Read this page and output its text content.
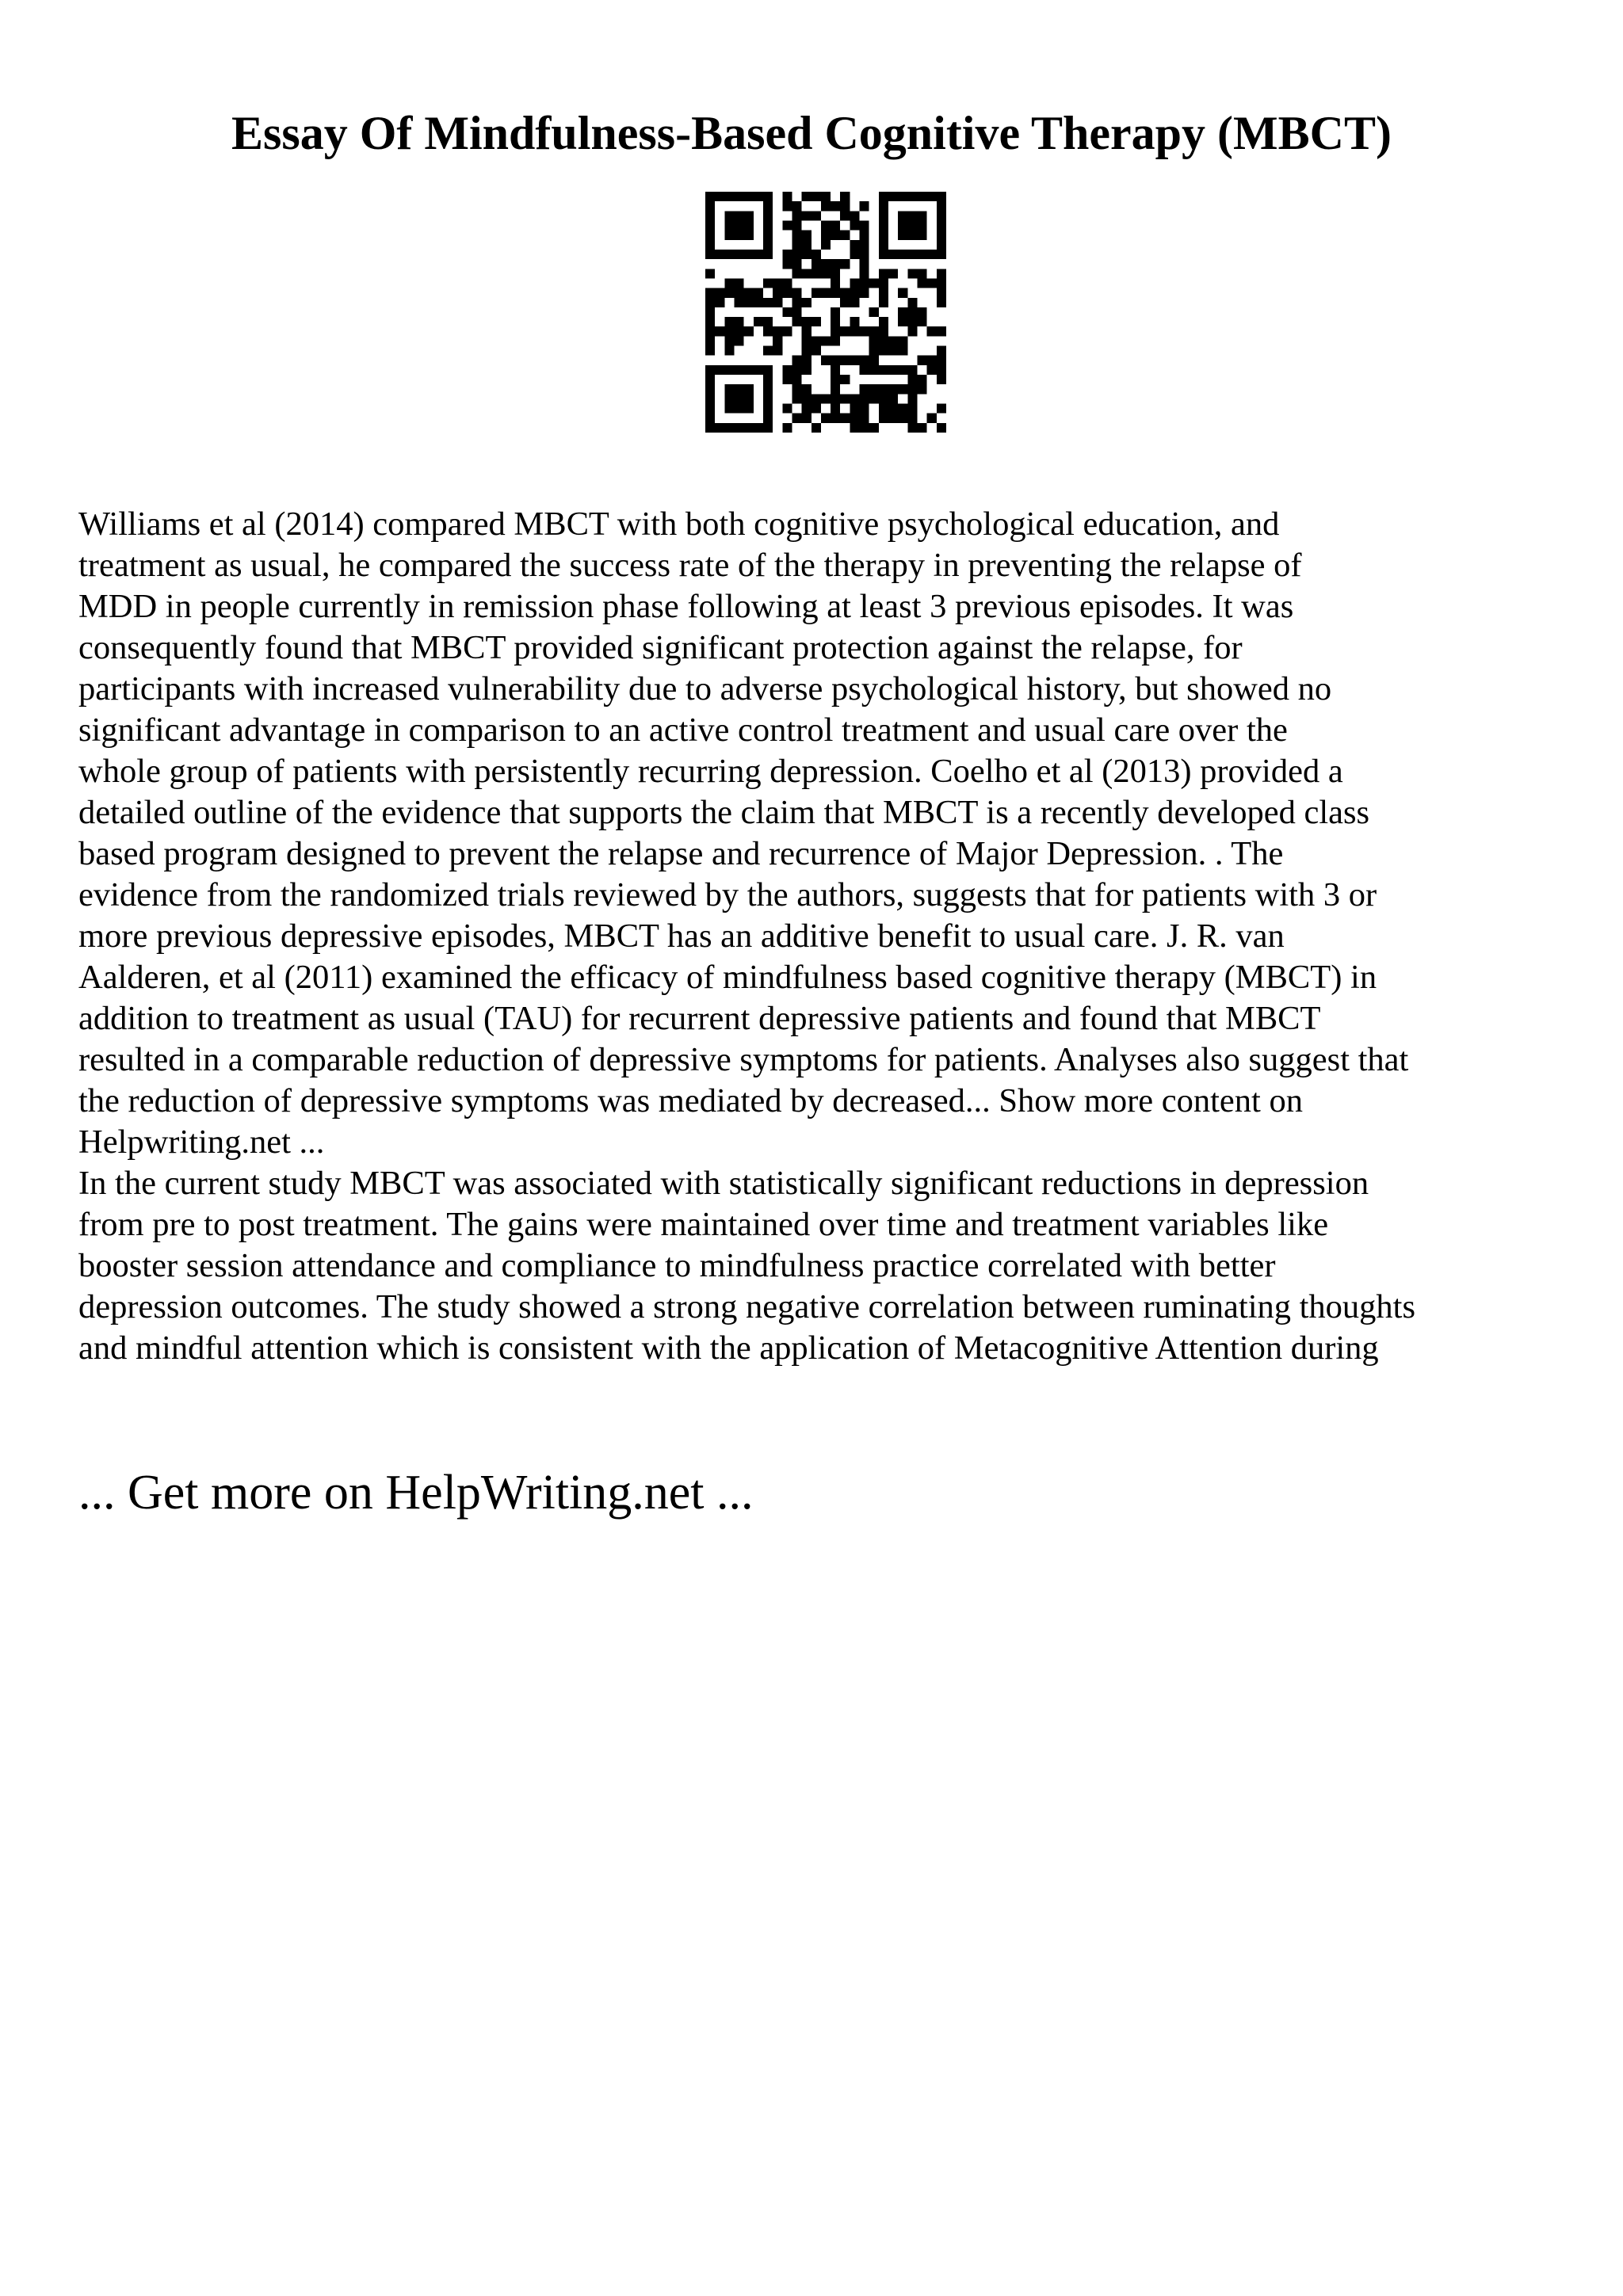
Essay Of Mindfulness-Based Cognitive Therapy (MBCT)
Williams et al (2014) compared MBCT with both cognitive psychological education, and
treatment as usual, he compared the success rate of the therapy in preventing the relapse of
MDD in people currently in remission phase following at least 3 previous episodes. It was
consequently found that MBCT provided significant protection against the relapse, for
participants with increased vulnerability due to adverse psychological history, but showed no
significant advantage in comparison to an active control treatment and usual care over the
whole group of patients with persistently recurring depression. Coelho et al (2013) provided a
detailed outline of the evidence that supports the claim that MBCT is a recently developed class
based program designed to prevent the relapse and recurrence of Major Depression. . The
evidence from the randomized trials reviewed by the authors, suggests that for patients with 3 or
more previous depressive episodes, MBCT has an additive benefit to usual care. J. R. van
Aalderen, et al (2011) examined the efficacy of mindfulness based cognitive therapy (MBCT) in
addition to treatment as usual (TAU) for recurrent depressive patients and found that MBCT
resulted in a comparable reduction of depressive symptoms for patients. Analyses also suggest that
the reduction of depressive symptoms was mediated by decreased... Show more content on
Helpwriting.net ...
In the current study MBCT was associated with statistically significant reductions in depression
from pre to post treatment. The gains were maintained over time and treatment variables like
booster session attendance and compliance to mindfulness practice correlated with better
depression outcomes. The study showed a strong negative correlation between ruminating thoughts
and mindful attention which is consistent with the application of Metacognitive Attention during
... Get more on HelpWriting.net ...
